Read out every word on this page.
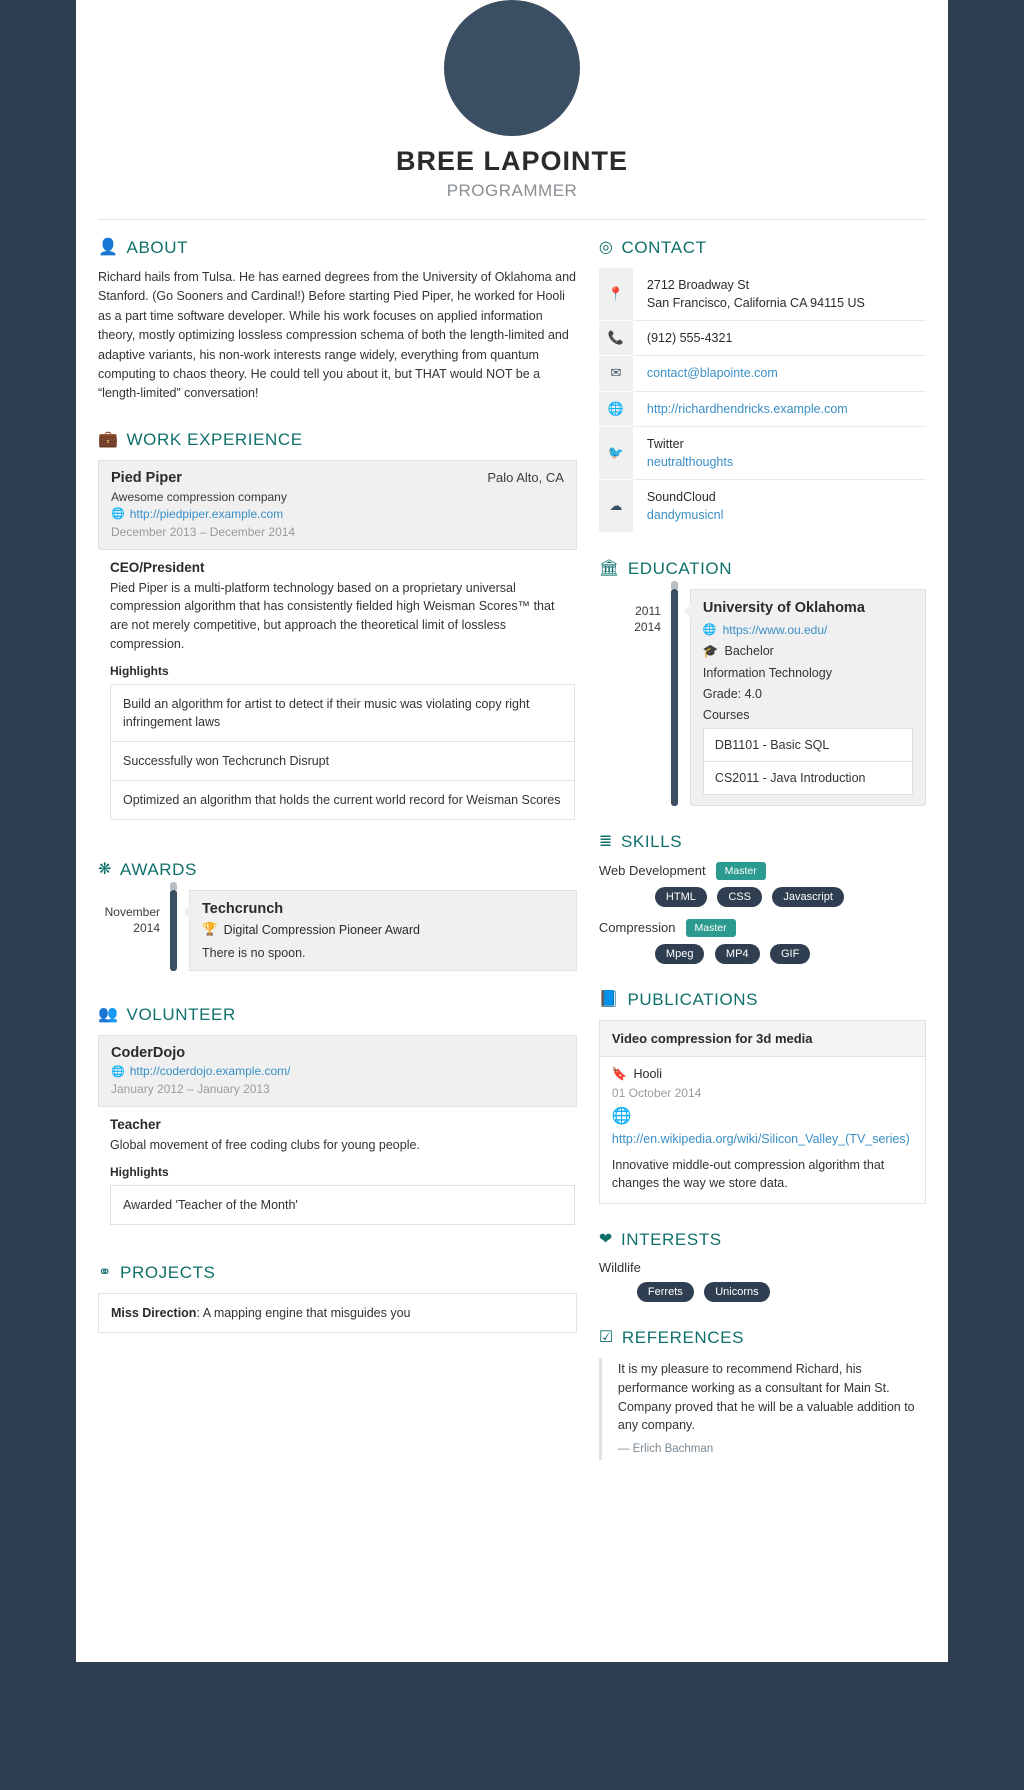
BREE LAPOINTE
PROGRAMMER
👤 ABOUT

Richard hails from Tulsa. He has earned degrees from the University of Oklahoma and Stanford. (Go Sooners and Cardinal!) Before starting Pied Piper, he worked for Hooli as a part time software developer. While his work focuses on applied information theory, mostly optimizing lossless compression schema of both the length-limited and adaptive variants, his non-work interests range widely, everything from quantum computing to chaos theory. He could tell you about it, but THAT would NOT be a “length-limited” conversation!

💼 WORK EXPERIENCE
Pied Piper	Palo Alto, CA
Awesome compression company
🌐 http://piedpiper.example.com
December 2013 – December 2014
CEO/President

Pied Piper is a multi-platform technology based on a proprietary universal compression algorithm that has consistently fielded high Weisman Scores™ that are not merely competitive, but approach the theoretical limit of lossless compression.

Highlights
Build an algorithm for artist to detect if their music was violating copy right infringement laws
Successfully won Techcrunch Disrupt
Optimized an algorithm that holds the current world record for Weisman Scores
❋ AWARDS
November
2014
Techcrunch
🏆 Digital Compression Pioneer Award
There is no spoon.
👥 VOLUNTEER
CoderDojo
🌐 http://coderdojo.example.com/
January 2012 – January 2013
Teacher

Global movement of free coding clubs for young people.

Highlights
Awarded 'Teacher of the Month'
⚭ PROJECTS
Miss Direction: A mapping engine that misguides you
◎ CONTACT
📍	2712 Broadway St
San Francisco, California CA 94115 US

📞	(912) 555-4321
✉	contact@blapointe.com
🌐	http://richardhendricks.example.com
🐦	Twitter
neutralthoughts
☁	SoundCloud
dandymusicnl
🏛 EDUCATION
2011
2014
University of Oklahoma
🌐 https://www.ou.edu/
🎓 Bachelor
Information Technology
Grade: 4.0
Courses
DB1101 - Basic SQL
CS2011 - Java Introduction
≣ SKILLS
Web Development	Master
HTML	CSS	Javascript
Compression	Master
Mpeg	MP4	GIF
📘 PUBLICATIONS
Video compression for 3d media
🔖 Hooli
01 October 2014
🌐
http://en.wikipedia.org/wiki/Silicon_Valley_(TV_series)
Innovative middle-out compression algorithm that changes the way we store data.
❤ INTERESTS
Wildlife
Ferrets	Unicorns
☑ REFERENCES
It is my pleasure to recommend Richard, his performance working as a consultant for Main St. Company proved that he will be a valuable addition to any company.
— Erlich Bachman
